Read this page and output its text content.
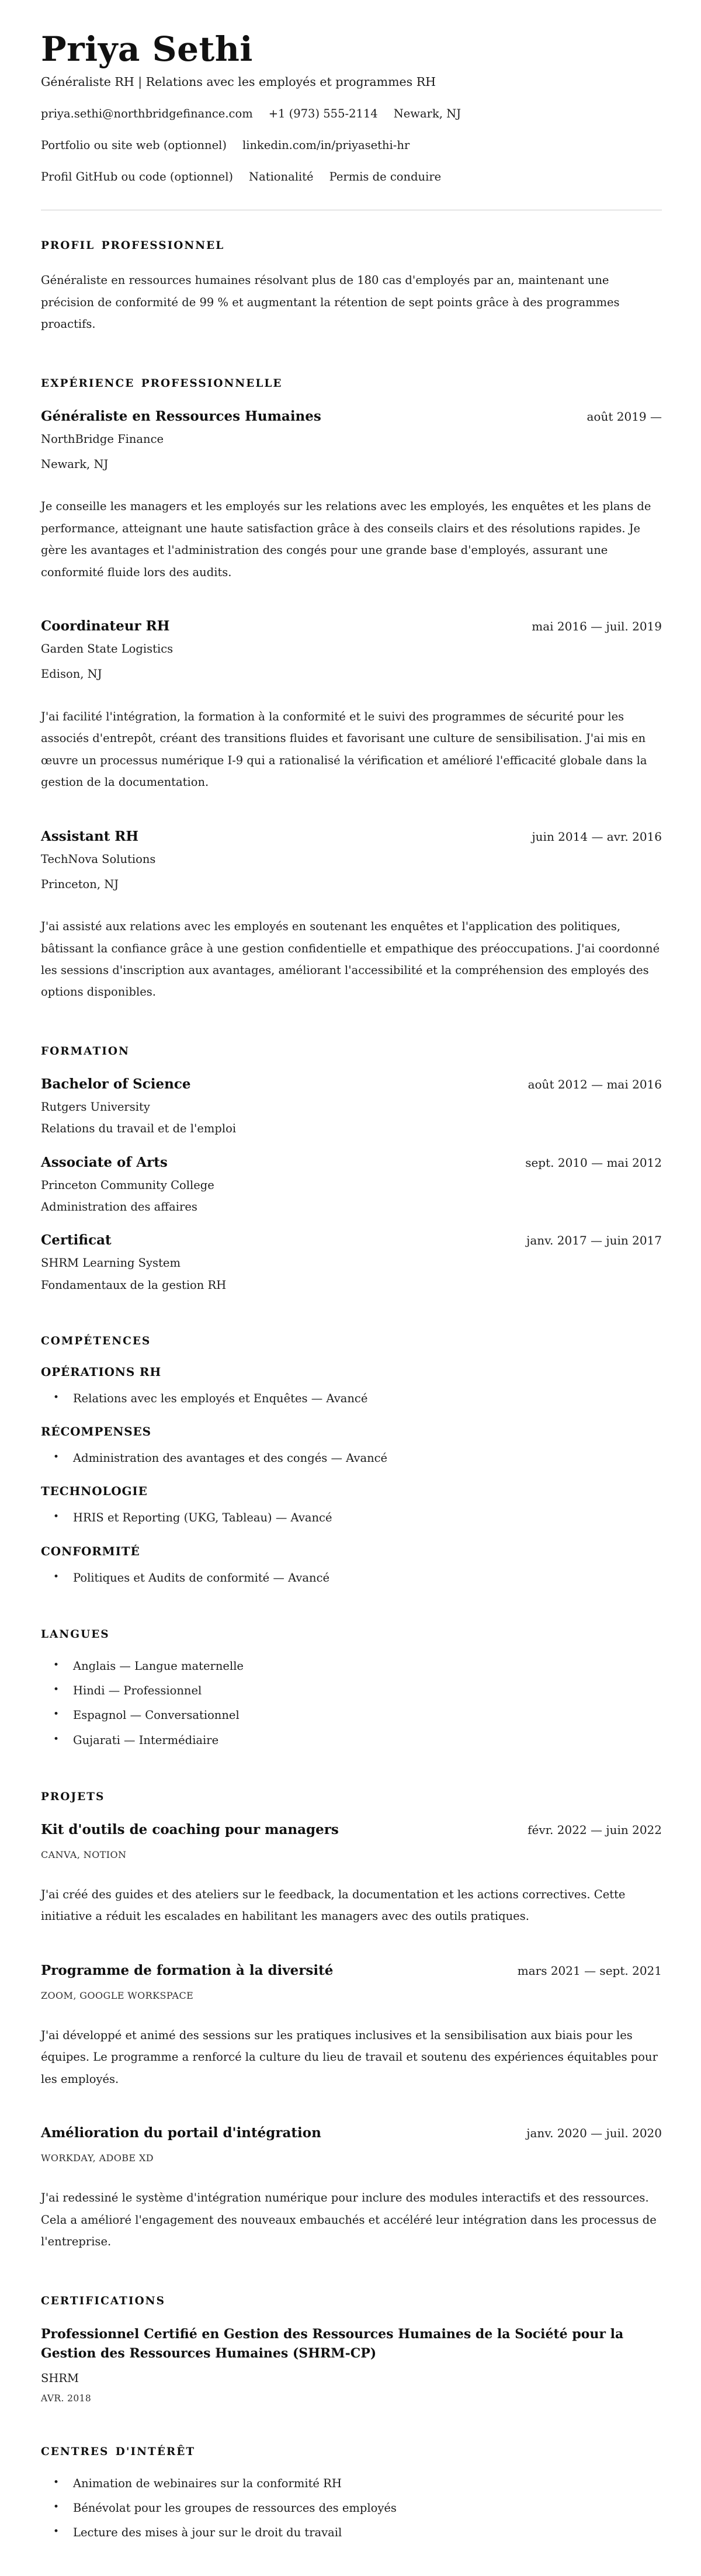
Priya Sethi
Généraliste RH | Relations avec les employés et programmes RH
priya.sethi@northbridgefinance.com +1 (973) 555-2114 Newark, NJ
Portfolio ou site web (optionnel) linkedin.com/in/priyasethi-hr
Profil GitHub ou code (optionnel) Nationalité Permis de conduire
PROFIL PROFESSIONNEL

Généraliste en ressources humaines résolvant plus de 180 cas d'employés par an, maintenant une précision de conformité de 99 % et augmentant la rétention de sept points grâce à des programmes proactifs.

EXPÉRIENCE PROFESSIONNELLE
Généraliste en Ressources Humaines	août 2019 —
NorthBridge Finance
Newark, NJ

Je conseille les managers et les employés sur les relations avec les employés, les enquêtes et les plans de performance, atteignant une haute satisfaction grâce à des conseils clairs et des résolutions rapides. Je gère les avantages et l'administration des congés pour une grande base d'employés, assurant une conformité fluide lors des audits.

Coordinateur RH	mai 2016 — juil. 2019
Garden State Logistics
Edison, NJ

J'ai facilité l'intégration, la formation à la conformité et le suivi des programmes de sécurité pour les associés d'entrepôt, créant des transitions fluides et favorisant une culture de sensibilisation. J'ai mis en œuvre un processus numérique I-9 qui a rationalisé la vérification et amélioré l'efficacité globale dans la gestion de la documentation.

Assistant RH	juin 2014 — avr. 2016
TechNova Solutions
Princeton, NJ

J'ai assisté aux relations avec les employés en soutenant les enquêtes et l'application des politiques, bâtissant la confiance grâce à une gestion confidentielle et empathique des préoccupations. J'ai coordonné les sessions d'inscription aux avantages, améliorant l'accessibilité et la compréhension des employés des options disponibles.

FORMATION
Bachelor of Science	août 2012 — mai 2016
Rutgers University
Relations du travail et de l'emploi
Associate of Arts	sept. 2010 — mai 2012
Princeton Community College
Administration des affaires
Certificat	janv. 2017 — juin 2017
SHRM Learning System
Fondamentaux de la gestion RH
COMPÉTENCES
OPÉRATIONS RH
• Relations avec les employés et Enquêtes — Avancé
RÉCOMPENSES
• Administration des avantages et des congés — Avancé
TECHNOLOGIE
• HRIS et Reporting (UKG, Tableau) — Avancé
CONFORMITÉ
• Politiques et Audits de conformité — Avancé
LANGUES
• Anglais — Langue maternelle
• Hindi — Professionnel
• Espagnol — Conversationnel
• Gujarati — Intermédiaire
PROJETS
Kit d'outils de coaching pour managers	févr. 2022 — juin 2022
CANVA, NOTION

J'ai créé des guides et des ateliers sur le feedback, la documentation et les actions correctives. Cette initiative a réduit les escalades en habilitant les managers avec des outils pratiques.

Programme de formation à la diversité	mars 2021 — sept. 2021
ZOOM, GOOGLE WORKSPACE

J'ai développé et animé des sessions sur les pratiques inclusives et la sensibilisation aux biais pour les équipes. Le programme a renforcé la culture du lieu de travail et soutenu des expériences équitables pour les employés.

Amélioration du portail d'intégration	janv. 2020 — juil. 2020
WORKDAY, ADOBE XD

J'ai redessiné le système d'intégration numérique pour inclure des modules interactifs et des ressources. Cela a amélioré l'engagement des nouveaux embauchés et accéléré leur intégration dans les processus de l'entreprise.

CERTIFICATIONS

Professionnel Certifié en Gestion des Ressources Humaines de la Société pour la Gestion des Ressources Humaines (SHRM-CP)

SHRM
AVR. 2018
CENTRES D'INTÉRÊT
• Animation de webinaires sur la conformité RH
• Bénévolat pour les groupes de ressources des employés
• Lecture des mises à jour sur le droit du travail
